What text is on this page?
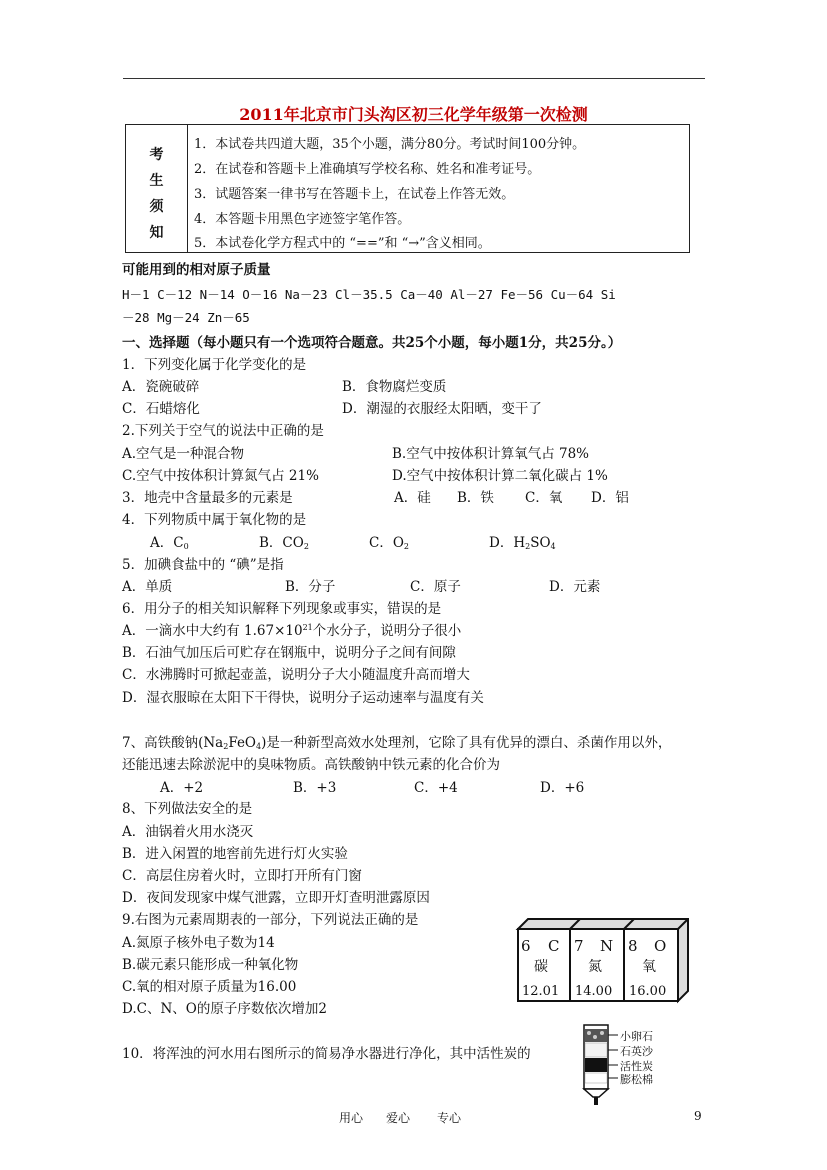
2011年北京市门头沟区初三化学年级第一次检测
考
生
须
知
1．本试卷共四道大题，35个小题，满分80分。考试时间100分钟。
2．在试卷和答题卡上准确填写学校名称、姓名和准考证号。
3．试题答案一律书写在答题卡上，在试卷上作答无效。
4．本答题卡用黑色字迹签字笔作答。
5．本试卷化学方程式中的 “==”和 “→”含义相同。
可能用到的相对原子质量
H－1 C－12 N－14 O－16 Na－23 Cl－35.5 Ca－40 Al－27 Fe－56 Cu－64 Si
－28 Mg－24 Zn－65
一、选择题（每小题只有一个选项符合题意。共25个小题，每小题1分，共25分。）
1．下列变化属于化学变化的是
A．瓷碗破碎	B．食物腐烂变质
C．石蜡熔化	D．潮湿的衣服经太阳晒，变干了
2.下列关于空气的说法中正确的是
A.空气是一种混合物	B.空气中按体积计算氧气占 78%
C.空气中按体积计算氮气占 21%	D.空气中按体积计算二氧化碳占 1%
3．地壳中含量最多的元素是	A．硅 B．铁 C．氧 D．铝
4．下列物质中属于氧化物的是
A．$C_0$	B．$CO_2$	C．$O_2$	D．$H_2SO_4$
5．加碘食盐中的 “碘”是指
A．单质	B．分子	C．原子	D．元素
6．用分子的相关知识解释下列现象或事实，错误的是
A．一滴水中大约有 $1.67\times 10^{21}$个水分子，说明分子很小
B．石油气加压后可贮存在钢瓶中，说明分子之间有间隙
C．水沸腾时可掀起壶盖，说明分子大小随温度升高而增大
D．湿衣服晾在太阳下干得快，说明分子运动速率与温度有关
7、高铁酸钠$(Na_2FeO_4)$是一种新型高效水处理剂，它除了具有优异的漂白、杀菌作用以外，
还能迅速去除淤泥中的臭味物质。高铁酸钠中铁元素的化合价为
A．+2	B．+3	C．+4	D．+6
8、下列做法安全的是
A．油锅着火用水浇灭
B．进入闲置的地窖前先进行灯火实验
C．高层住房着火时，立即打开所有门窗
D．夜间发现家中煤气泄露，立即开灯查明泄露原因
9.右图为元素周期表的一部分，下列说法正确的是
A.氮原子核外电子数为14
B.碳元素只能形成一种氧化物
C.氧的相对原子质量为16.00
D.C、N、O的原子序数依次增加2
6 C
碳
12.01
7 N
氮
14.00
8 O
氧
16.00
10．将浑浊的河水用右图所示的简易净水器进行净化，其中活性炭的
小卵石
石英沙
活性炭
膨松棉
用心 爱心 专心	9
